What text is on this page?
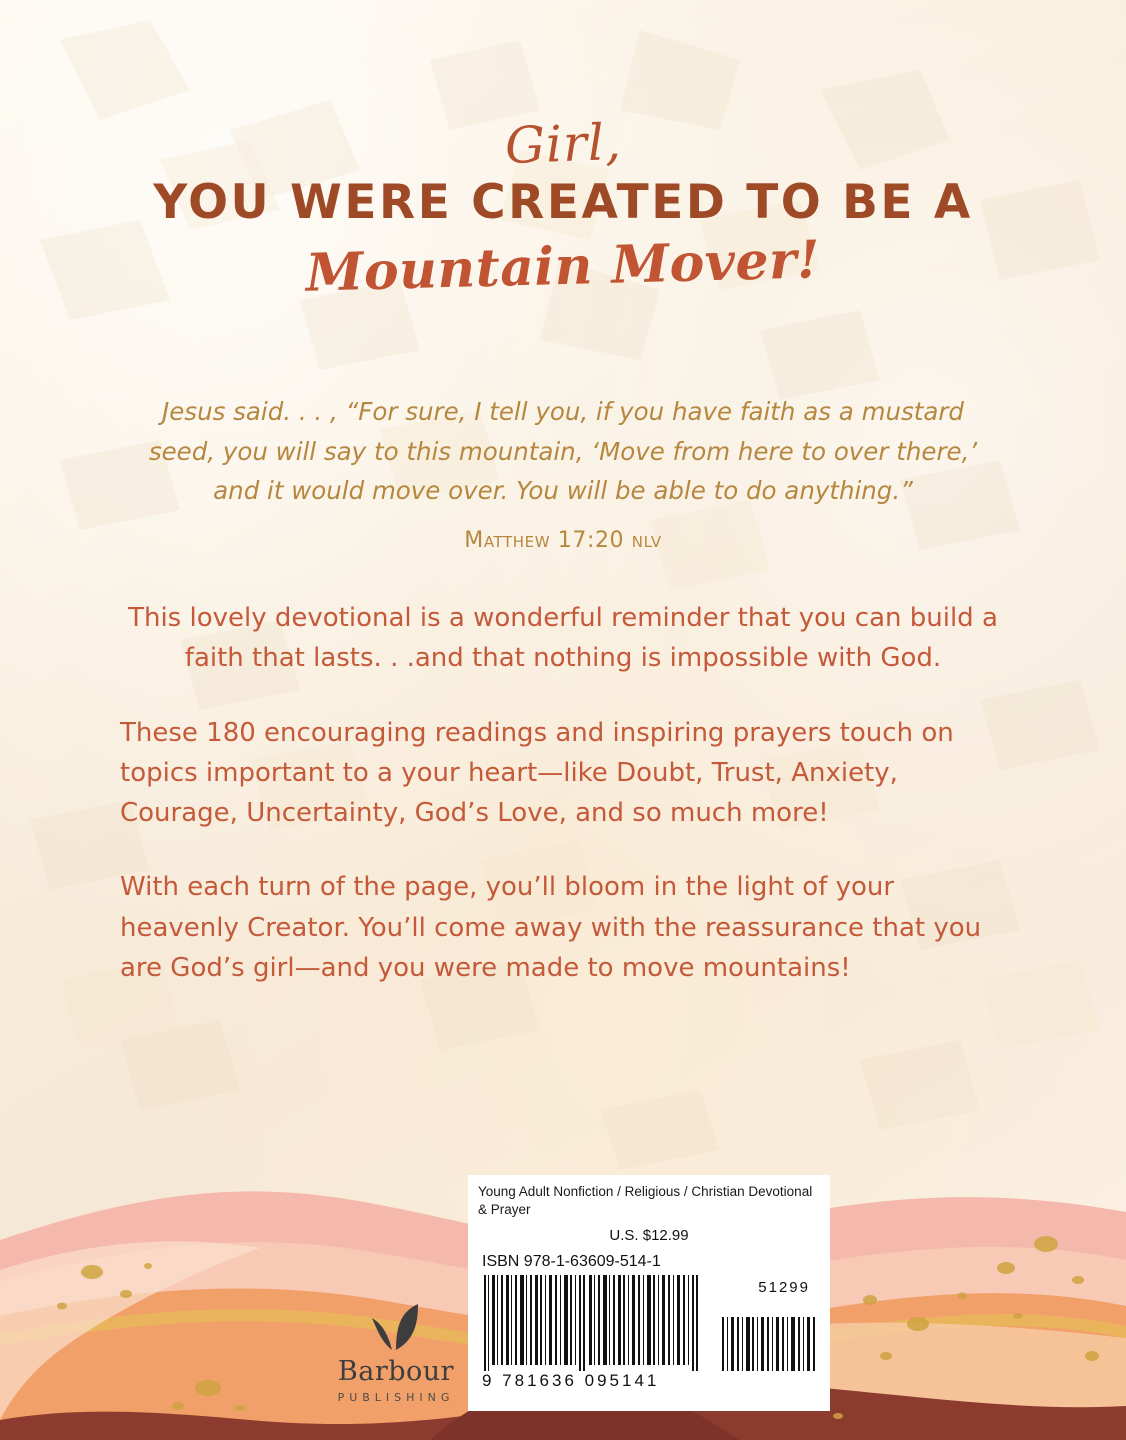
Girl,
YOU WERE CREATED TO BE A
Mountain Mover!
Jesus said. . . , “For sure, I tell you, if you have faith as a mustard seed, you will say to this mountain, ‘Move from here to over there,’ and it would move over. You will be able to do anything.”
Matthew 17:20 nlv

This lovely devotional is a wonderful reminder that you can build a faith that lasts. . .and that nothing is impossible with God.

These 180 encouraging readings and inspiring prayers touch on topics important to a your heart—like Doubt, Trust, Anxiety, Courage, Uncertainty, God’s Love, and so much more!

With each turn of the page, you’ll bloom in the light of your heavenly Creator. You’ll come away with the reassurance that you are God’s girl—and you were made to move mountains!

Barbour
PUBLISHING
Young Adult Nonfiction / Religious / Christian Devotional & Prayer
U.S. $12.99
ISBN 978-1-63609-514-1
9 781636 095141
51299
